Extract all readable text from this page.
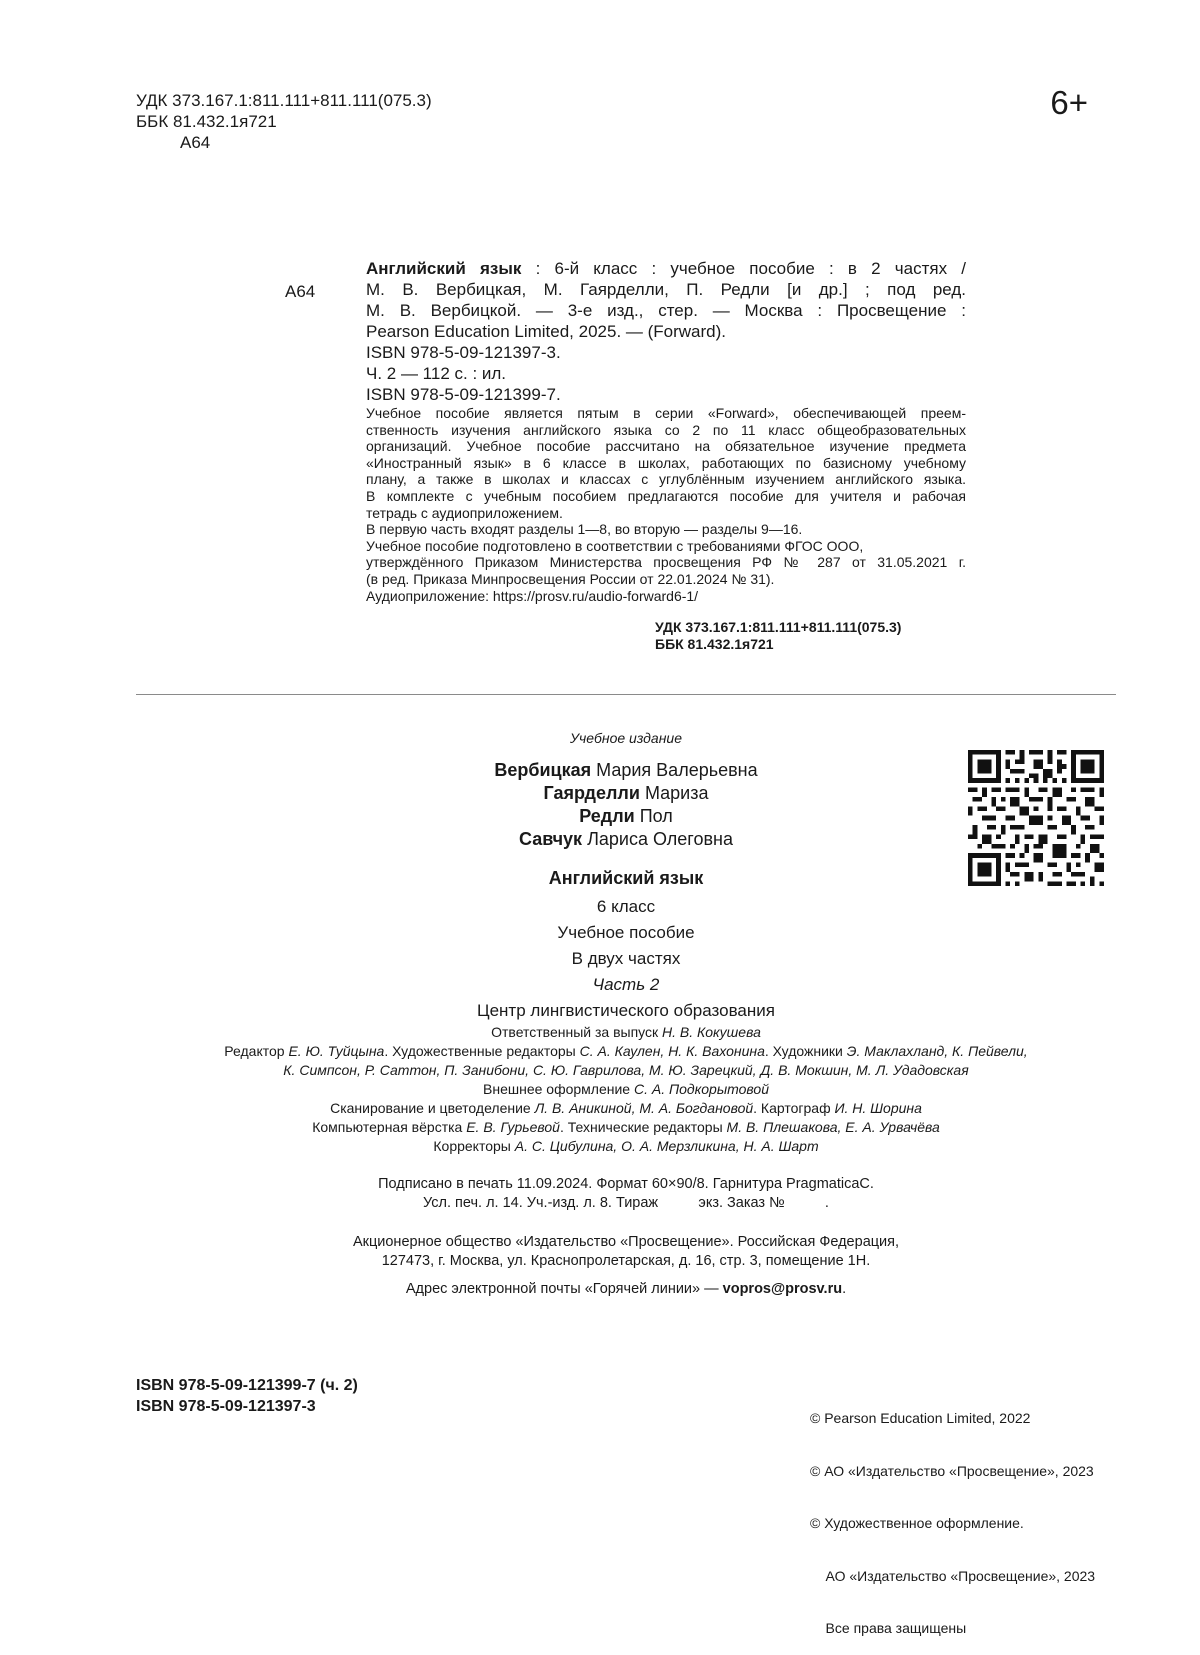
УДК 373.167.1:811.111+811.111(075.3)
ББК 81.432.1я721
А64
6+
А64
Английский язык : 6-й класс : учебное пособие : в 2 частях /
М. В. Вербицкая, М. Гаярделли, П. Редли [и др.] ; под ред.
М. В. Вербицкой. — 3-е изд., стер. — Москва : Просвещение :
Pearson Education Limited, 2025. — (Forward).
ISBN 978-5-09-121397-3.
Ч. 2 — 112 с. : ил.
ISBN 978-5-09-121399-7.
Учебное пособие является пятым в серии «Forward», обеспечивающей преем-
ственность изучения английского языка со 2 по 11 класс общеобразовательных
организаций. Учебное пособие рассчитано на обязательное изучение предмета
«Иностранный язык» в 6 классе в школах, работающих по базисному учебному
плану, а также в школах и классах с углублённым изучением английского языка.
В комплекте с учебным пособием предлагаются пособие для учителя и рабочая
тетрадь с аудиоприложением.
В первую часть входят разделы 1—8, во вторую — разделы 9—16.
Учебное пособие подготовлено в соответствии с требованиями ФГОС ООО,
утверждённого Приказом Министерства просвещения РФ № 287 от 31.05.2021 г.
(в ред. Приказа Минпросвещения России от 22.01.2024 № 31).
Аудиоприложение: https://prosv.ru/audio-forward6-1/
УДК 373.167.1:811.111+811.111(075.3)
ББК 81.432.1я721
Учебное издание
Вербицкая Мария Валерьевна
Гаярделли Мариза
Редли Пол
Савчук Лариса Олеговна
Английский язык
6 класс
Учебное пособие
В двух частях
Часть 2
Центр лингвистического образования
Ответственный за выпуск Н. В. Кокушева
Редактор Е. Ю. Туйцына. Художественные редакторы С. А. Каулен, Н. К. Вахонина. Художники Э. Маклахланд, К. Пейвели,
К. Симпсон, Р. Саттон, П. Занибони, С. Ю. Гаврилова, М. Ю. Зарецкий, Д. В. Мокшин, М. Л. Удадовская
Внешнее оформление С. А. Подкорытовой
Сканирование и цветоделение Л. В. Аникиной, М. А. Богдановой. Картограф И. Н. Шорина
Компьютерная вёрстка Е. В. Гурьевой. Технические редакторы М. В. Плешакова, Е. А. Урвачёва
Корректоры А. С. Цибулина, О. А. Мерзликина, Н. А. Шарт
Подписано в печать 11.09.2024. Формат 60×90/8. Гарнитура PragmaticaC.
Усл. печ. л. 14. Уч.-изд. л. 8. Тираж          экз. Заказ №          .
Акционерное общество «Издательство «Просвещение». Российская Федерация,
127473, г. Москва, ул. Краснопролетарская, д. 16, стр. 3, помещение 1Н.
Адрес электронной почты «Горячей линии» — vopros@prosv.ru.
ISBN 978-5-09-121399-7 (ч. 2)
ISBN 978-5-09-121397-3

© Pearson Education Limited, 2022

© АО «Издательство «Просвещение», 2023

© Художественное оформление.

АО «Издательство «Просвещение», 2023

Все права защищены
